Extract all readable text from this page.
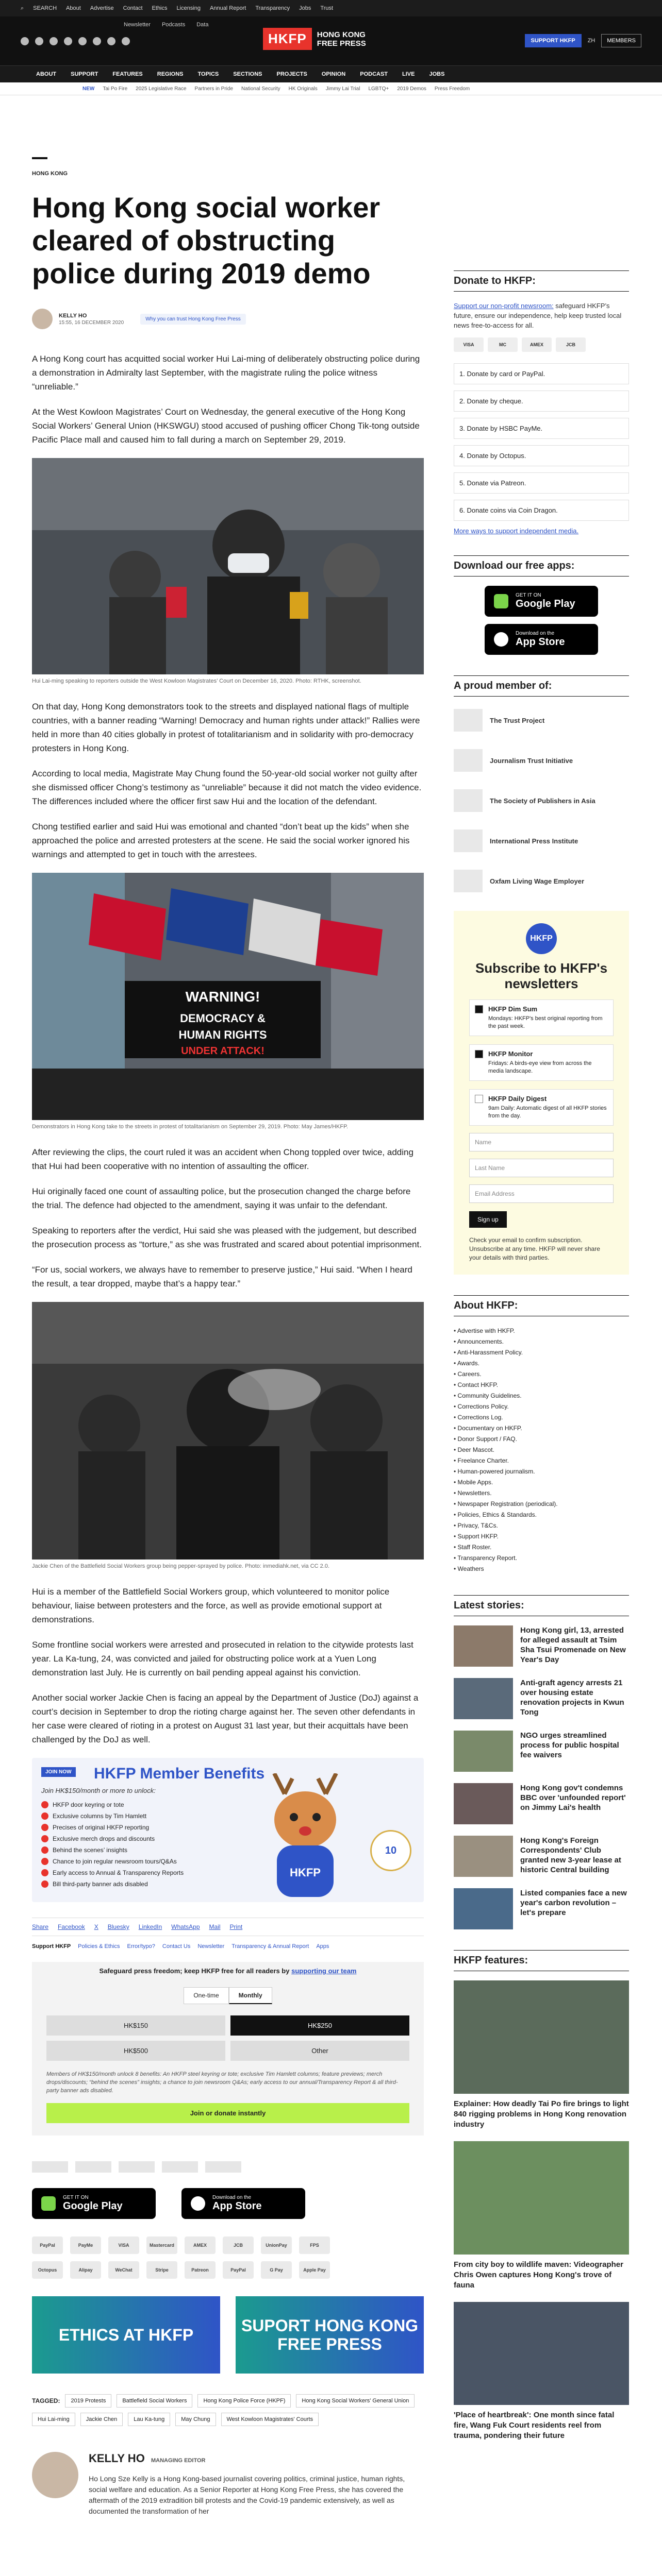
⌕ SEARCH About Advertise Contact Ethics Licensing Annual Report Transparency Jobs Trust
Newsletter Podcasts Data
HKFP	HONG KONG
FREE PRESS	SUPPORT HKFP	ZH	MEMBERS
ABOUT	SUPPORT	FEATURES	REGIONS	TOPICS	SECTIONS	PROJECTS	OPINION	PODCAST	LIVE	JOBS
NEW Tai Po Fire 2025 Legislative Race Partners in Pride National Security HK Originals Jimmy Lai Trial LGBTQ+ 2019 Demos Press Freedom
HONG KONG
Hong Kong social worker cleared of obstructing police during 2019 demo
KELLY HO
15:55, 16 DECEMBER 2020
Why you can trust Hong Kong Free Press

A Hong Kong court has acquitted social worker Hui Lai-ming of deliberately obstructing police during a demonstration in Admiralty last September, with the magistrate ruling the police witness “unreliable.”

At the West Kowloon Magistrates’ Court on Wednesday, the general executive of the Hong Kong Social Workers’ General Union (HKSWGU) stood accused of pushing officer Chong Tik-tong outside Pacific Place mall and caused him to fall during a march on September 29, 2019.

Hui Lai-ming speaking to reporters outside the West Kowloon Magistrates’ Court on December 16, 2020. Photo: RTHK, screenshot.

On that day, Hong Kong demonstrators took to the streets and displayed national flags of multiple countries, with a banner reading “Warning! Democracy and human rights under attack!” Rallies were held in more than 40 cities globally in protest of totalitarianism and in solidarity with pro-democracy protesters in Hong Kong.

According to local media, Magistrate May Chung found the 50-year-old social worker not guilty after she dismissed officer Chong’s testimony as “unreliable” because it did not match the video evidence. The differences included where the officer first saw Hui and the location of the defendant.

Chong testified earlier and said Hui was emotional and chanted “don’t beat up the kids” when she approached the police and arrested protesters at the scene. He said the social worker ignored his warnings and attempted to get in touch with the arrestees.

WARNING!
DEMOCRACY &
HUMAN RIGHTS
UNDER ATTACK!
Demonstrators in Hong Kong take to the streets in protest of totalitarianism on September 29, 2019. Photo: May James/HKFP.

After reviewing the clips, the court ruled it was an accident when Chong toppled over twice, adding that Hui had been cooperative with no intention of assaulting the officer.

Hui originally faced one count of assaulting police, but the prosecution changed the charge before the trial. The defence had objected to the amendment, saying it was unfair to the defendant.

Speaking to reporters after the verdict, Hui said she was pleased with the judgement, but described the prosecution process as “torture,” as she was frustrated and scared about potential imprisonment.

“For us, social workers, we always have to remember to preserve justice,” Hui said. “When I heard the result, a tear dropped, maybe that’s a happy tear.”

Jackie Chen of the Battlefield Social Workers group being pepper-sprayed by police. Photo: inmediahk.net, via CC 2.0.

Hui is a member of the Battlefield Social Workers group, which volunteered to monitor police behaviour, liaise between protesters and the force, as well as provide emotional support at demonstrations.

Some frontline social workers were arrested and prosecuted in relation to the citywide protests last year. La Ka-tung, 24, was convicted and jailed for obstructing police work at a Yuen Long demonstration last July. He is currently on bail pending appeal against his conviction.

Another social worker Jackie Chen is facing an appeal by the Department of Justice (DoJ) against a court’s decision in September to drop the rioting charge against her. The seven other defendants in her case were cleared of rioting in a protest on August 31 last year, but their acquittals have been challenged by the DoJ as well.

JOIN NOW HKFP Member Benefits
Join HK$150/month or more to unlock:
HKFP door keyring or tote
Exclusive columns by Tim Hamlett
Precises of original HKFP reporting
Exclusive merch drops and discounts
Behind the scenes’ insights
Chance to join regular newsroom tours/Q&As
Early access to Annual & Transparency Reports
Bill third-party banner ads disabled
HKFP
10
Share Facebook X Bluesky LinkedIn WhatsApp Mail Print
Support HKFP Policies & Ethics Error/typo? Contact Us Newsletter Transparency & Annual Report Apps
Safeguard press freedom; keep HKFP free for all readers by supporting our team
One-time	Monthly
HK$150	HK$250
HK$500	Other
Members of HK$150/month unlock 8 benefits: An HKFP steel keyring or tote; exclusive Tim Hamlett columns; feature previews; merch drops/discounts; “behind the scenes” insights; a chance to join newsroom Q&As; early access to our annual/Transparency Report & all third-party banner ads disabled.
Join or donate instantly
GET IT ON
Google Play
Download on the
App Store
PayPal	PayMe	VISA	Mastercard	AMEX	JCB	UnionPay	FPS
Octopus	Alipay	WeChat	Stripe	Patreon	PayPal	G Pay	Apple Pay
ETHICS AT HKFP	SUPORT HONG KONG FREE PRESS
TAGGED:	2019 Protests	Battlefield Social Workers	Hong Kong Police Force (HKPF)	Hong Kong Social Workers' General Union
Hui Lai-ming	Jackie Chen	Lau Ka-tung	May Chung	West Kowloon Magistrates' Courts
KELLY HO MANAGING EDITOR

Ho Long Sze Kelly is a Hong Kong-based journalist covering politics, criminal justice, human rights, social welfare and education. As a Senior Reporter at Hong Kong Free Press, she has covered the aftermath of the 2019 extradition bill protests and the Covid-19 pandemic extensively, as well as documented the transformation of her

Donate to HKFP:
Support our non-profit newsroom: safeguard HKFP’s future, ensure our independence, help keep trusted local news free-to-access for all.
VISA	MC	AMEX	JCB
1. Donate by card or PayPal.
2. Donate by cheque.
3. Donate by HSBC PayMe.
4. Donate by Octopus.
5. Donate via Patreon.
6. Donate coins via Coin Dragon.
More ways to support independent media.
Download our free apps:
GET IT ON
Google Play
Download on the
App Store
A proud member of:
The Trust Project
Journalism Trust Initiative
The Society of Publishers in Asia
International Press Institute
Oxfam Living Wage Employer
HKFP
Subscribe to HKFP's newsletters
HKFP Dim Sum
Mondays: HKFP's best original reporting from the past week.
HKFP Monitor
Fridays: A birds-eye view from across the media landscape.
HKFP Daily Digest
9am Daily: Automatic digest of all HKFP stories from the day.
Name
Last Name
Email Address
Sign up
Check your email to confirm subscription. Unsubscribe at any time. HKFP will never share your details with third parties.
About HKFP:
• Advertise with HKFP.
• Announcements.
• Anti-Harassment Policy.
• Awards.
• Careers.
• Contact HKFP.
• Community Guidelines.
• Corrections Policy.
• Corrections Log.
• Documentary on HKFP.
• Donor Support / FAQ.
• Deer Mascot.
• Freelance Charter.
• Human-powered journalism.
• Mobile Apps.
• Newsletters.
• Newspaper Registration (periodical).
• Policies, Ethics & Standards.
• Privacy, T&Cs.
• Support HKFP.
• Staff Roster.
• Transparency Report.
• Weathers
Latest stories:
Hong Kong girl, 13, arrested for alleged assault at Tsim Sha Tsui Promenade on New Year's Day
Anti-graft agency arrests 21 over housing estate renovation projects in Kwun Tong
NGO urges streamlined process for public hospital fee waivers
Hong Kong gov't condemns BBC over 'unfounded report' on Jimmy Lai's health
Hong Kong's Foreign Correspondents' Club granted new 3-year lease at historic Central building
Listed companies face a new year's carbon revolution – let's prepare
HKFP features:
Explainer: How deadly Tai Po fire brings to light 840 rigging problems in Hong Kong renovation industry
From city boy to wildlife maven: Videographer Chris Owen captures Hong Kong's trove of fauna
'Place of heartbreak': One month since fatal fire, Wang Fuk Court residents reel from trauma, pondering their future
